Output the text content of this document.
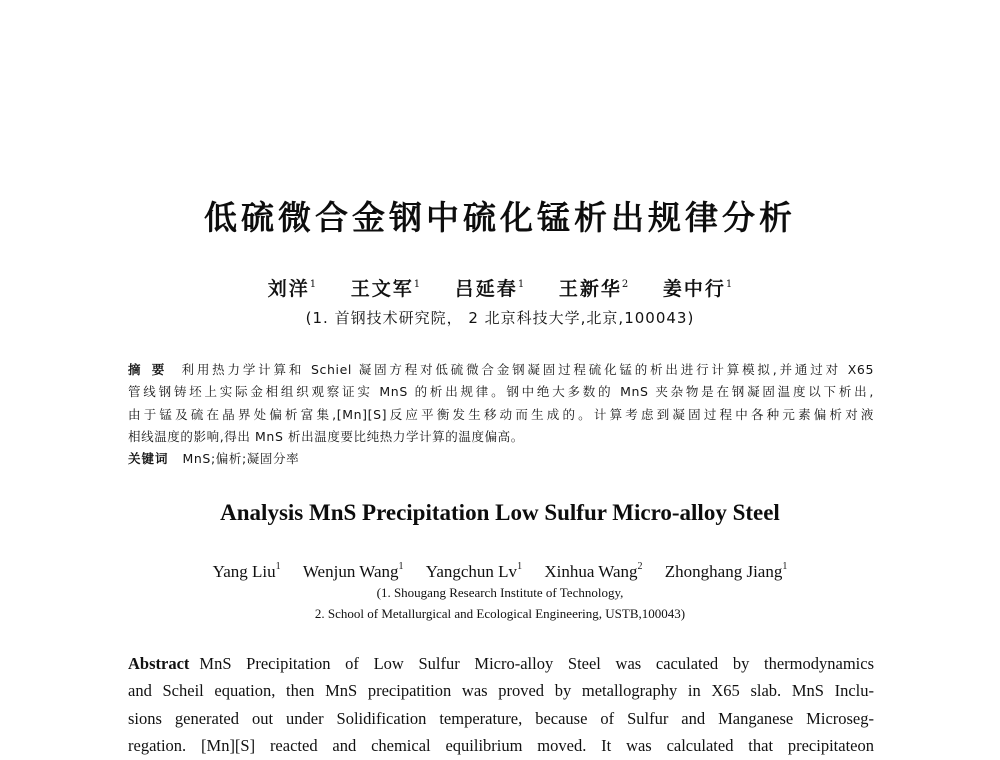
低硫微合金钢中硫化锰析出规律分析
刘洋$^1$ 王文军$^1$ 吕延春$^1$ 王新华$^2$ 姜中行$^1$
(1. 首钢技术研究院， 2 北京科技大学,北京,100043)
摘要 利用热力学计算和 Schiel 凝固方程对低硫微合金钢凝固过程硫化锰的析出进行计算模拟,并通过对 X65
管线钢铸坯上实际金相组织观察证实 MnS 的析出规律。钢中绝大多数的 MnS 夹杂物是在钢凝固温度以下析出,
由于锰及硫在晶界处偏析富集,[Mn][S]反应平衡发生移动而生成的。计算考虑到凝固过程中各种元素偏析对液
相线温度的影响,得出 MnS 析出温度要比纯热力学计算的温度偏高。
关键词 MnS;偏析;凝固分率
Analysis MnS Precipitation Low Sulfur Micro-alloy Steel
Yang Liu$^1$ Wenjun Wang$^1$ Yangchun Lv$^1$ Xinhua Wang$^2$ Zhonghang Jiang$^1$
(1. Shougang Research Institute of Technology,
2. School of Metallurgical and Ecological Engineering, USTB,100043)
Abstract MnS Precipitation of Low Sulfur Micro-alloy Steel was caculated by thermodynamics
and Scheil equation, then MnS precipatition was proved by metallography in X65 slab. MnS Inclu-
sions generated out under Solidification temperature, because of Sulfur and Manganese Microseg-
regation. [Mn][S] reacted and chemical equilibrium moved. It was calculated that precipitateon
